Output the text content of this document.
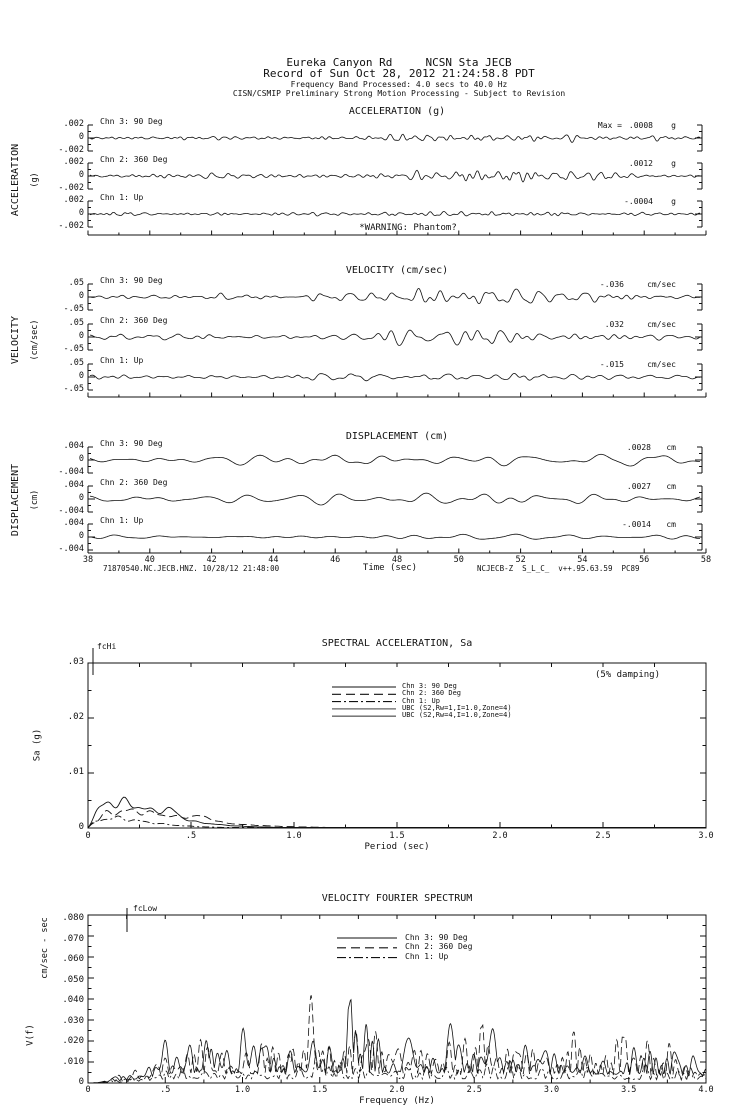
Eureka Canyon Rd     NCSN Sta JECB
Record of Sun Oct 28, 2012 21:24:58.8 PDT
Frequency Band Processed: 4.0 secs to 40.0 Hz
CISN/CSMIP Preliminary Strong Motion Processing - Subject to Revision
ACCELERATION (g)
VELOCITY (cm/sec)
DISPLACEMENT (cm)
SPECTRAL ACCELERATION, Sa
VELOCITY FOURIER SPECTRUM
ACCELERATION (g)
VELOCITY (cm/sec)
DISPLACEMENT (cm)
Sa (g)
cm/sec - sec
V(f)
*WARNING: Phantom?
Time (sec)
71870540.NC.JECB.HNZ. 10/28/12 21:48:00	NCJECB-Z  S_L_C_  v++.95.63.59  PC89
Period (sec)
Frequency (Hz)
(5% damping)
fcHi
fcLow
.002
0
-.002
Chn 3: 90 Deg	Max = .0008 g
.002
0
-.002
Chn 2: 360 Deg	.0012 g
.002
0
-.002
Chn 1: Up	-.0004 g
.05
0
-.05
Chn 3: 90 Deg	-.036	cm/sec
.05
0
-.05
Chn 2: 360 Deg	.032	cm/sec
.05
0
-.05
Chn 1: Up	-.015	cm/sec
.004
0
-.004
Chn 3: 90 Deg	.0028 cm
.004
0
-.004
Chn 2: 360 Deg	.0027 cm
.004
0
-.004
Chn 1: Up	-.0014 cm
38	40	42	44	46	48	50	52	54	56	58
.03
.02
.01
0
0	.5	1.0	1.5	2.0	2.5	3.0
.080
.070
.060
.050
.040
.030
.020
.010
0
0	.5	1.0	1.5	2.0	2.5	3.0	3.5	4.0
Chn 3: 90 Deg
Chn 2: 360 Deg
Chn 1: Up
UBC (S2,Rw=1,I=1.0,Zone=4)
UBC (S2,Rw=4,I=1.0,Zone=4)
Chn 3: 90 Deg
Chn 2: 360 Deg
Chn 1: Up
